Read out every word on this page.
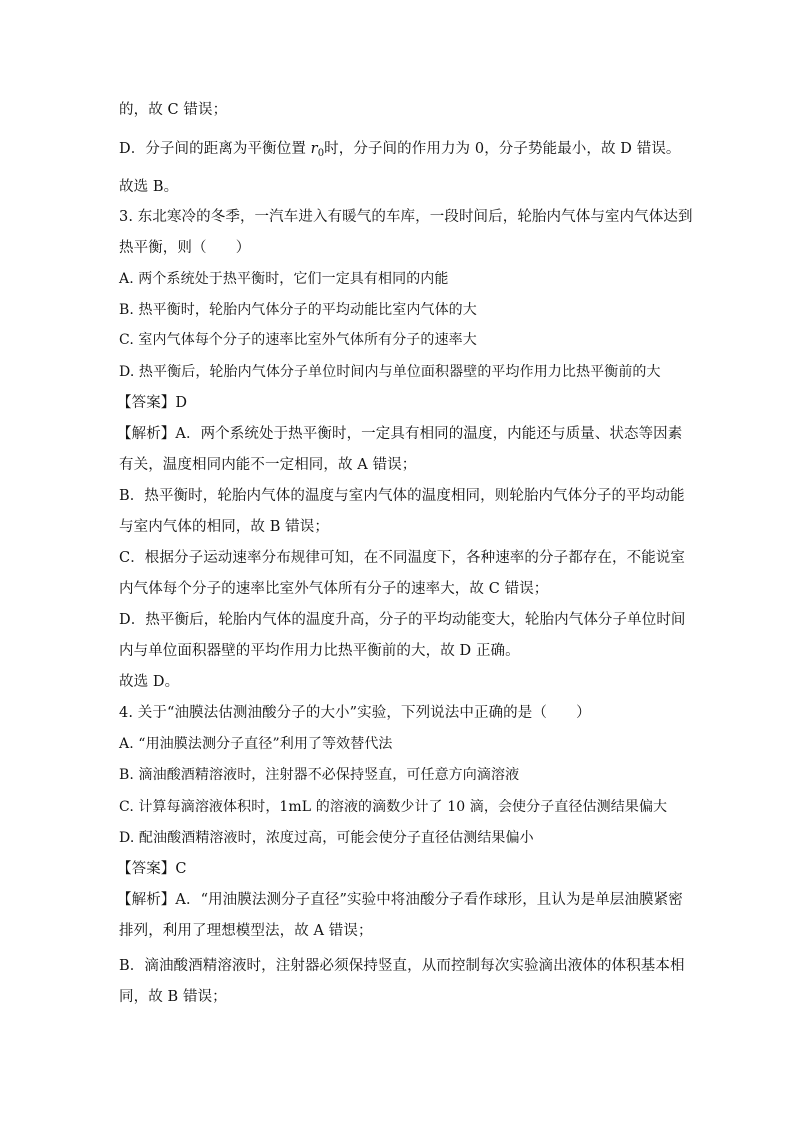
的，故 C 错误；
D．分子间的距离为平衡位置 $r_0$时，分子间的作用力为 0，分子势能最小，故 D 错误。
故选 B。
3. 东北寒冷的冬季，一汽车进入有暖气的车库，一段时间后，轮胎内气体与室内气体达到
热平衡，则（　　）
A. 两个系统处于热平衡时，它们一定具有相同的内能
B. 热平衡时，轮胎内气体分子的平均动能比室内气体的大
C. 室内气体每个分子的速率比室外气体所有分子的速率大
D. 热平衡后，轮胎内气体分子单位时间内与单位面积器壁的平均作用力比热平衡前的大
【答案】D
【解析】A．两个系统处于热平衡时，一定具有相同的温度，内能还与质量、状态等因素
有关，温度相同内能不一定相同，故 A 错误；
B．热平衡时，轮胎内气体的温度与室内气体的温度相同，则轮胎内气体分子的平均动能
与室内气体的相同，故 B 错误；
C．根据分子运动速率分布规律可知，在不同温度下，各种速率的分子都存在，不能说室
内气体每个分子的速率比室外气体所有分子的速率大，故 C 错误；
D．热平衡后，轮胎内气体的温度升高，分子的平均动能变大，轮胎内气体分子单位时间
内与单位面积器壁的平均作用力比热平衡前的大，故 D 正确。
故选 D。
4. 关于“油膜法估测油酸分子的大小”实验，下列说法中正确的是（　　）
A. “用油膜法测分子直径”利用了等效替代法
B. 滴油酸酒精溶液时，注射器不必保持竖直，可任意方向滴溶液
C. 计算每滴溶液体积时，1mL 的溶液的滴数少计了 10 滴，会使分子直径估测结果偏大
D. 配油酸酒精溶液时，浓度过高，可能会使分子直径估测结果偏小
【答案】C
【解析】A．“用油膜法测分子直径”实验中将油酸分子看作球形，且认为是单层油膜紧密
排列，利用了理想模型法，故 A 错误；
B．滴油酸酒精溶液时，注射器必须保持竖直，从而控制每次实验滴出液体的体积基本相
同，故 B 错误；
